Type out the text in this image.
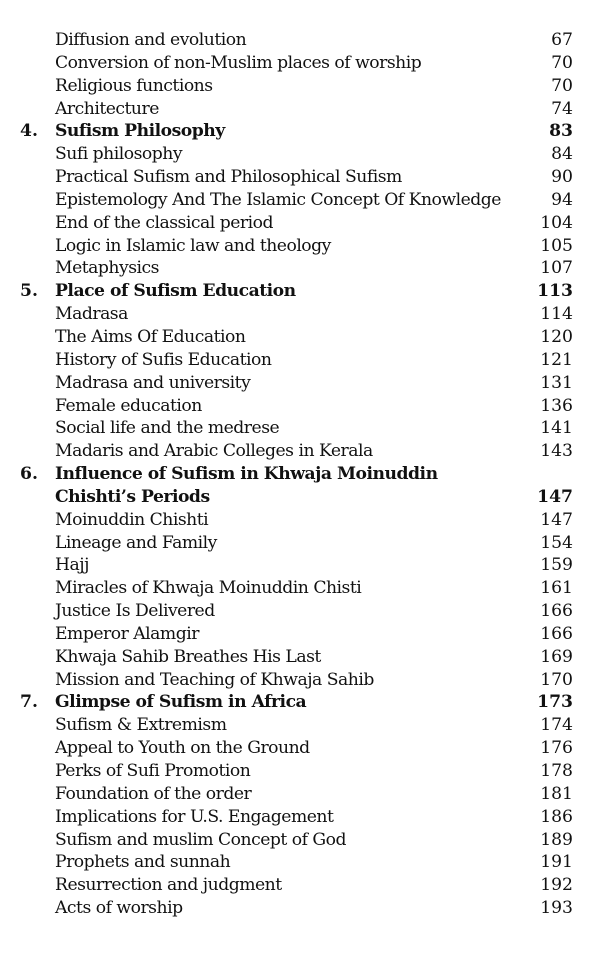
Diffusion and evolution	67
Conversion of non-Muslim places of worship	70
Religious functions	70
Architecture	74
4. Sufism Philosophy	83
Sufi philosophy	84
Practical Sufism and Philosophical Sufism	90
Epistemology And The Islamic Concept Of Knowledge	94
End of the classical period	104
Logic in Islamic law and theology	105
Metaphysics	107
5. Place of Sufism Education	113
Madrasa	114
The Aims Of Education	120
History of Sufis Education	121
Madrasa and university	131
Female education	136
Social life and the medrese	141
Madaris and Arabic Colleges in Kerala	143
6. Influence of Sufism in Khwaja Moinuddin
Chishti’s Periods	147
Moinuddin Chishti	147
Lineage and Family	154
Hajj	159
Miracles of Khwaja Moinuddin Chisti	161
Justice Is Delivered	166
Emperor Alamgir	166
Khwaja Sahib Breathes His Last	169
Mission and Teaching of Khwaja Sahib	170
7. Glimpse of Sufism in Africa	173
Sufism & Extremism	174
Appeal to Youth on the Ground	176
Perks of Sufi Promotion	178
Foundation of the order	181
Implications for U.S. Engagement	186
Sufism and muslim Concept of God	189
Prophets and sunnah	191
Resurrection and judgment	192
Acts of worship	193
